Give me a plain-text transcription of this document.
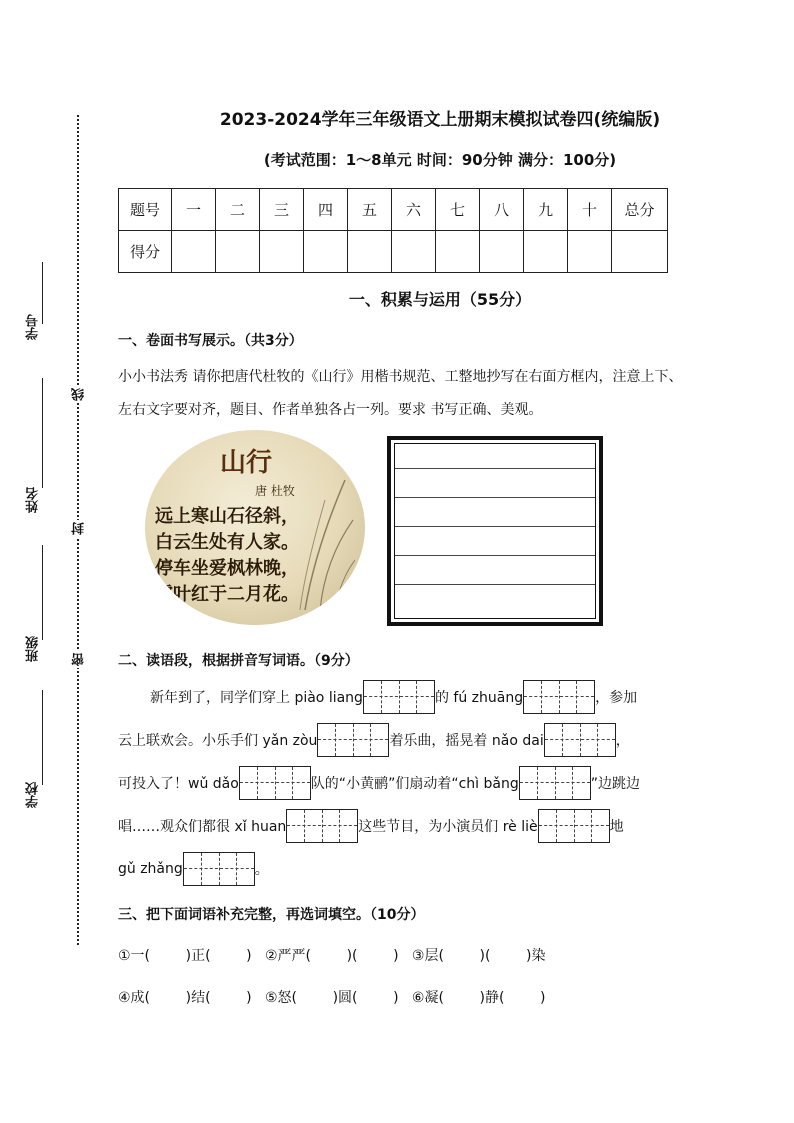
学号
姓名
班级
学校
线
封
密
2023-2024学年三年级语文上册期末模拟试卷四(统编版)
(考试范围：1～8单元 时间：90分钟 满分：100分)
题号	一	二	三	四	五	六	七	八	九	十	总分
得分											
一、积累与运用（55分）
一、卷面书写展示。（共3分）
小小书法秀 请你把唐代杜牧的《山行》用楷书规范、工整地抄写在右面方框内，注意上下、左右文字要对齐，题目、作者单独各占一列。要求 书写正确、美观。
山行
唐 杜牧
远上寒山石径斜，
白云生处有人家。
停车坐爱枫林晚，
霜叶红于二月花。
二、读语段，根据拼音写词语。（9分）
新年到了，同学们穿上 piào liang	的 fú zhuāng	，参加
云上联欢会。小乐手们 yǎn zòu	着乐曲，摇晃着 nǎo dai	，
可投入了！wǔ dǎo	队的“小黄鹂”们扇动着“chì bǎng	”边跳边
唱……观众们都很 xǐ huan	这些节目，为小演员们 rè liè	地
gǔ zhǎng	。
三、把下面词语补充完整，再选词填空。（10分）
①一(        )正(        )   ②严严(        )(        )   ③层(        )(        )染
④成(        )结(        )   ⑤怒(        )圆(        )   ⑥凝(        )静(        )
